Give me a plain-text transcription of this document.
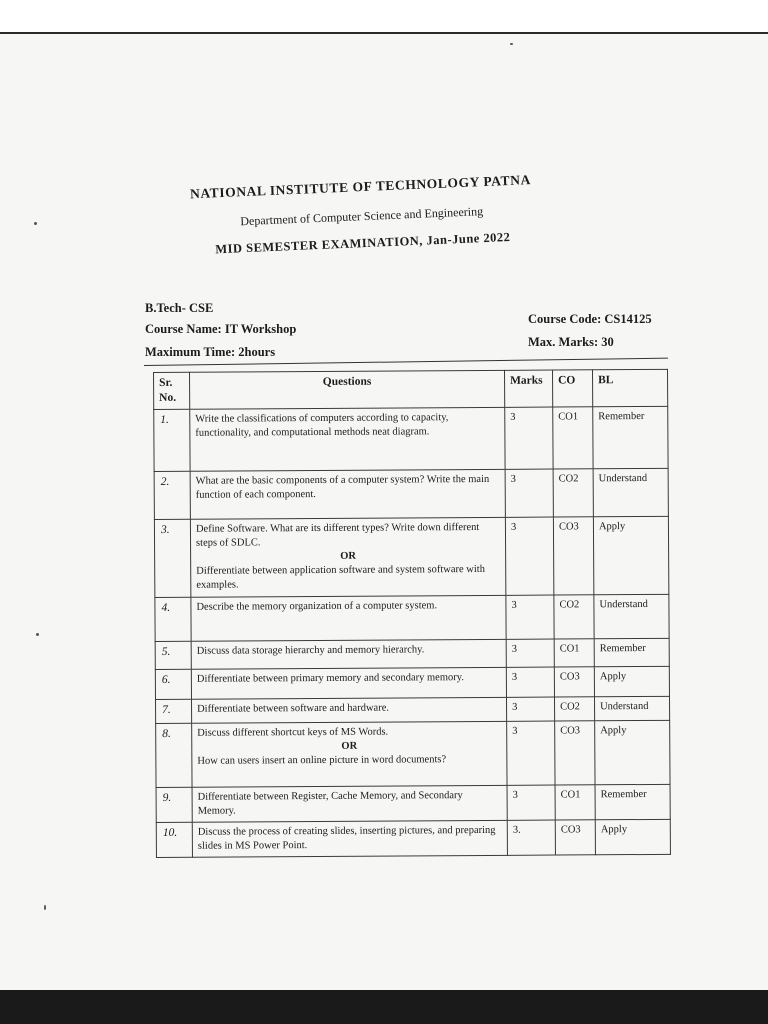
NATIONAL INSTITUTE OF TECHNOLOGY PATNA
Department of Computer Science and Engineering
MID SEMESTER EXAMINATION, Jan-June 2022
B.Tech- CSE
Course Name: IT Workshop
Maximum Time: 2hours
Course Code: CS14125
Max. Marks: 30
Sr. No.	Questions	Marks	CO	BL
1.	Write the classifications of computers according to capacity, functionality, and computational methods neat diagram.	3	CO1	Remember
2.	What are the basic components of a computer system? Write the main function of each component.	3	CO2	Understand
3.	Define Software. What are its different types? Write down different steps of SDLC.
OR
Differentiate between application software and system software with examples.	3	CO3	Apply
4.	Describe the memory organization of a computer system.	3	CO2	Understand
5.	Discuss data storage hierarchy and memory hierarchy.	3	CO1	Remember
6.	Differentiate between primary memory and secondary memory.	3	CO3	Apply
7.	Differentiate between software and hardware.	3	CO2	Understand
8.	Discuss different shortcut keys of MS Words.
OR
How can users insert an online picture in word documents?	3	CO3	Apply
9.	Differentiate between Register, Cache Memory, and Secondary Memory.	3	CO1	Remember
10.	Discuss the process of creating slides, inserting pictures, and preparing slides in MS Power Point.	3.	CO3	Apply
